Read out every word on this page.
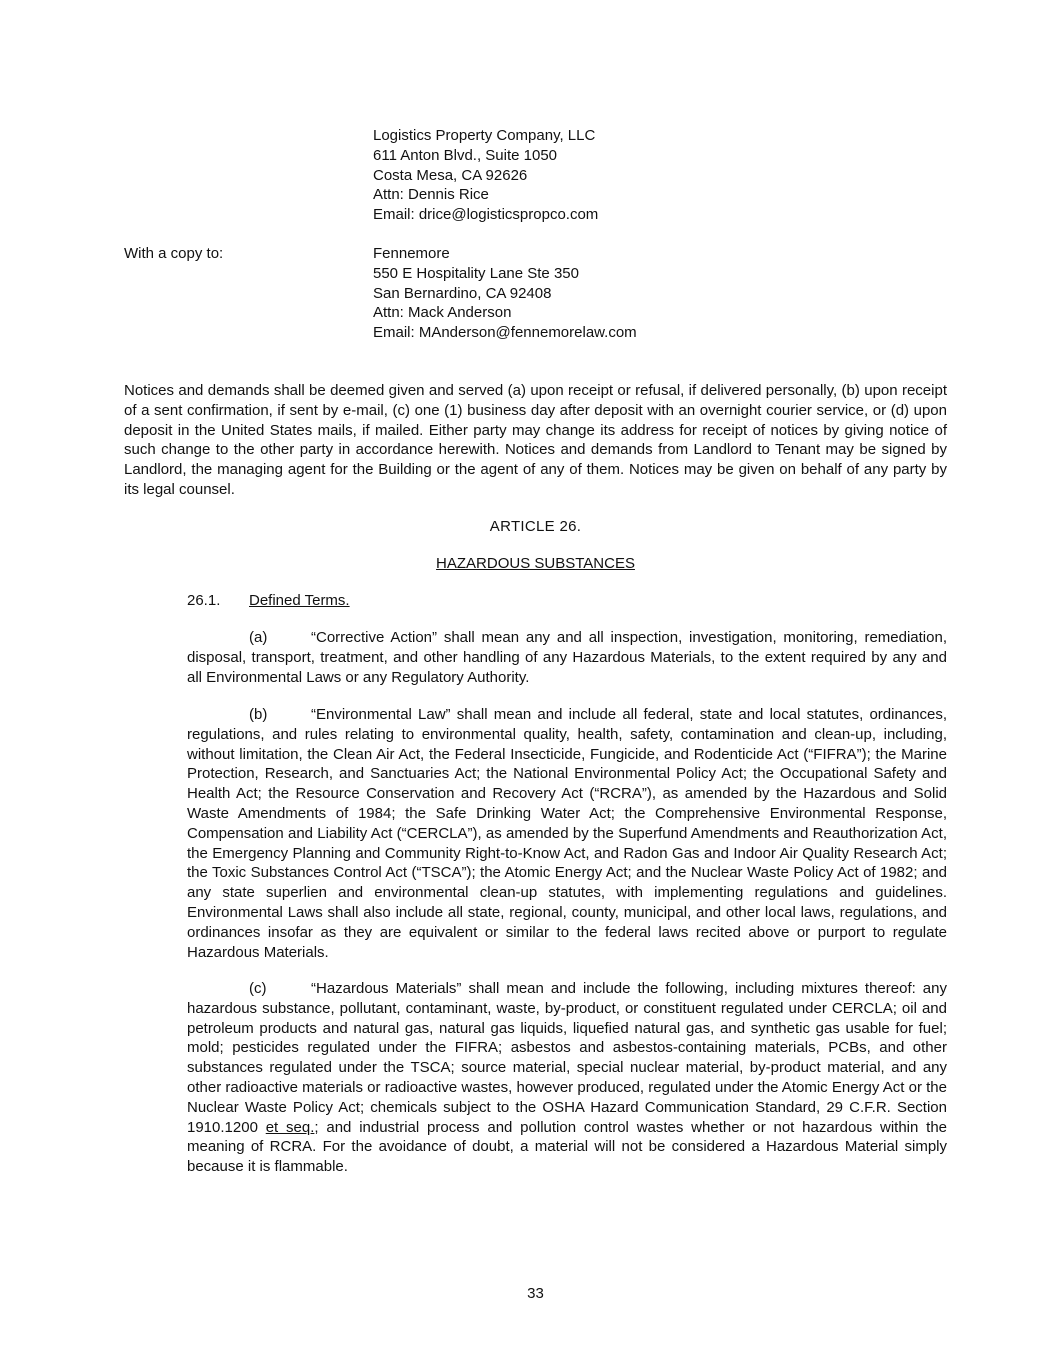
Logistics Property Company, LLC
611 Anton Blvd., Suite 1050
Costa Mesa, CA 92626
Attn: Dennis Rice
Email: drice@logisticspropco.com
With a copy to:	Fennemore
550 E Hospitality Lane Ste 350
San Bernardino, CA 92408
Attn: Mack Anderson
Email: MAnderson@fennemorelaw.com

Notices and demands shall be deemed given and served (a) upon receipt or refusal, if delivered personally, (b) upon receipt of a sent confirmation, if sent by e-mail, (c) one (1) business day after deposit with an overnight courier service, or (d) upon deposit in the United States mails, if mailed. Either party may change its address for receipt of notices by giving notice of such change to the other party in accordance herewith. Notices and demands from Landlord to Tenant may be signed by Landlord, the managing agent for the Building or the agent of any of them. Notices may be given on behalf of any party by its legal counsel.

ARTICLE 26.
HAZARDOUS SUBSTANCES
26.1. Defined Terms.

(a)	“Corrective Action” shall mean any and all inspection, investigation, monitoring, remediation, disposal, transport, treatment, and other handling of any Hazardous Materials, to the extent required by any and all Environmental Laws or any Regulatory Authority.

(b)	“Environmental Law” shall mean and include all federal, state and local statutes, ordinances, regulations, and rules relating to environmental quality, health, safety, contamination and clean-up, including, without limitation, the Clean Air Act, the Federal Insecticide, Fungicide, and Rodenticide Act (“FIFRA”); the Marine Protection, Research, and Sanctuaries Act; the National Environmental Policy Act; the Occupational Safety and Health Act; the Resource Conservation and Recovery Act (“RCRA”), as amended by the Hazardous and Solid Waste Amendments of 1984; the Safe Drinking Water Act; the Comprehensive Environmental Response, Compensation and Liability Act (“CERCLA”), as amended by the Superfund Amendments and Reauthorization Act, the Emergency Planning and Community Right-to-Know Act, and Radon Gas and Indoor Air Quality Research Act; the Toxic Substances Control Act (“TSCA”); the Atomic Energy Act; and the Nuclear Waste Policy Act of 1982; and any state superlien and environmental clean-up statutes, with implementing regulations and guidelines. Environmental Laws shall also include all state, regional, county, municipal, and other local laws, regulations, and ordinances insofar as they are equivalent or similar to the federal laws recited above or purport to regulate Hazardous Materials.

(c)	“Hazardous Materials” shall mean and include the following, including mixtures thereof: any hazardous substance, pollutant, contaminant, waste, by-product, or constituent regulated under CERCLA; oil and petroleum products and natural gas, natural gas liquids, liquefied natural gas, and synthetic gas usable for fuel; mold; pesticides regulated under the FIFRA; asbestos and asbestos-containing materials, PCBs, and other substances regulated under the TSCA; source material, special nuclear material, by-product material, and any other radioactive materials or radioactive wastes, however produced, regulated under the Atomic Energy Act or the Nuclear Waste Policy Act; chemicals subject to the OSHA Hazard Communication Standard, 29 C.F.R. Section 1910.1200 et seq.; and industrial process and pollution control wastes whether or not hazardous within the meaning of RCRA. For the avoidance of doubt, a material will not be considered a Hazardous Material simply because it is flammable.

33
